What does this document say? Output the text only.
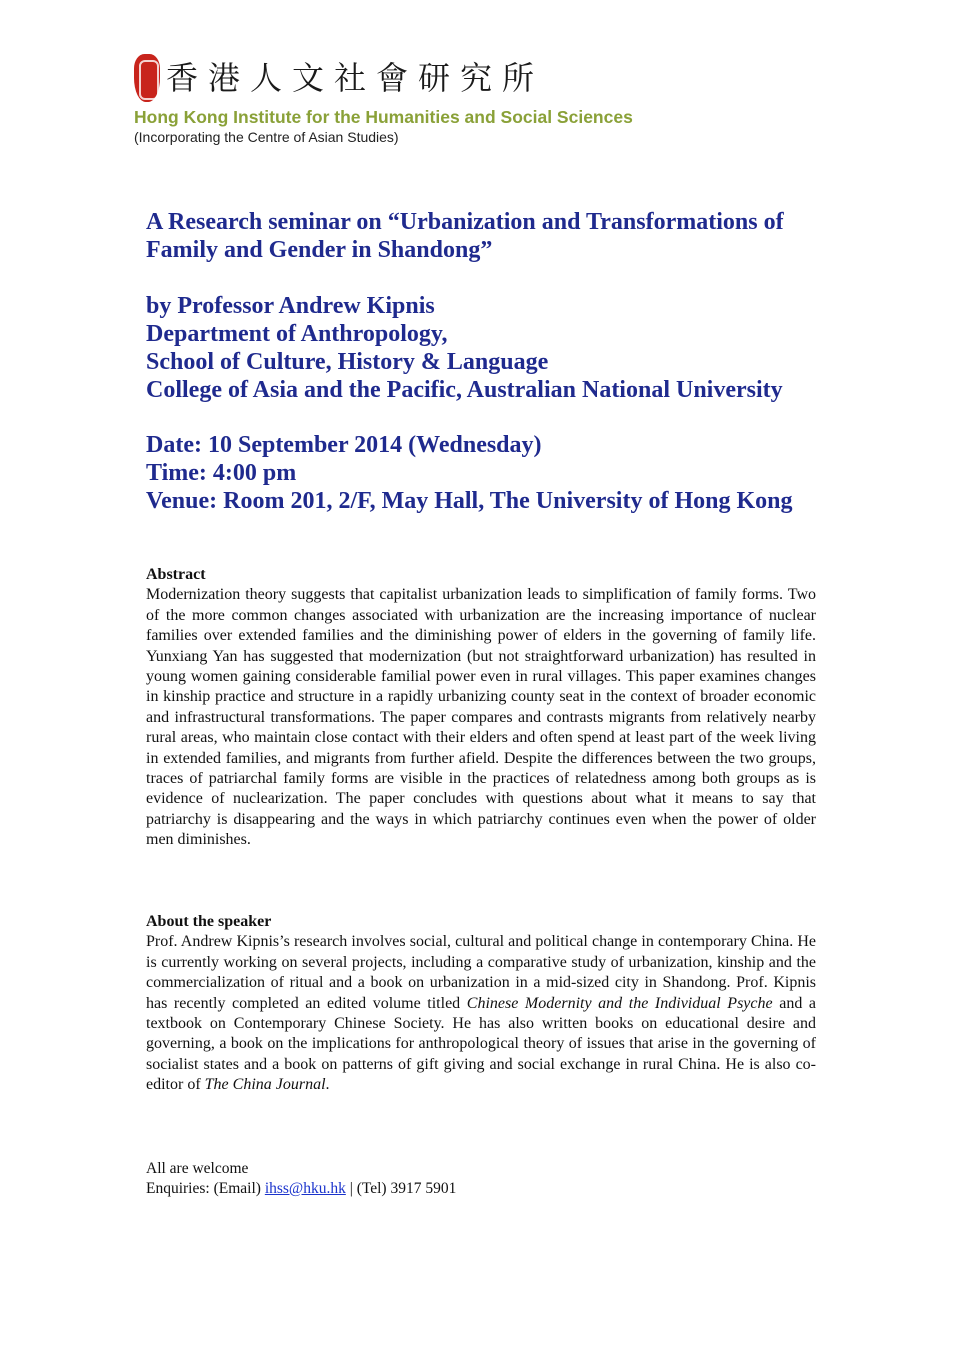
香港人文社會研究所
Hong Kong Institute for the Humanities and Social Sciences
(Incorporating the Centre of Asian Studies)
A Research seminar on “Urbanization and Transformations of
Family and Gender in Shandong”
by Professor Andrew Kipnis
Department of Anthropology,
School of Culture, History & Language
College of Asia and the Pacific, Australian National University
Date: 10 September 2014 (Wednesday)
Time: 4:00 pm
Venue: Room 201, 2/F, May Hall, The University of Hong Kong
Abstract

Modernization theory suggests that capitalist urbanization leads to simplification of family forms. Two of the more common changes associated with urbanization are the increasing importance of nuclear families over extended families and the diminishing power of elders in the governing of family life. Yunxiang Yan has suggested that modernization (but not straightforward urbanization) has resulted in young women gaining considerable familial power even in rural villages. This paper examines changes in kinship practice and structure in a rapidly urbanizing county seat in the context of broader economic and infrastructural transformations. The paper compares and contrasts migrants from relatively nearby rural areas, who maintain close contact with their elders and often spend at least part of the week living in extended families, and migrants from further afield. Despite the differences between the two groups, traces of patriarchal family forms are visible in the practices of relatedness among both groups as is evidence of nuclearization. The paper concludes with questions about what it means to say that patriarchy is disappearing and the ways in which patriarchy continues even when the power of older men diminishes.

About the speaker

Prof. Andrew Kipnis’s research involves social, cultural and political change in contemporary China. He is currently working on several projects, including a comparative study of urbanization, kinship and the commercialization of ritual and a book on urbanization in a mid-sized city in Shandong. Prof. Kipnis has recently completed an edited volume titled Chinese Modernity and the Individual Psyche and a textbook on Contemporary Chinese Society. He has also written books on educational desire and governing, a book on the implications for anthropological theory of issues that arise in the governing of socialist states and a book on patterns of gift giving and social exchange in rural China. He is also co-editor of The China Journal.

All are welcome
Enquiries: (Email) ihss@hku.hk | (Tel) 3917 5901
